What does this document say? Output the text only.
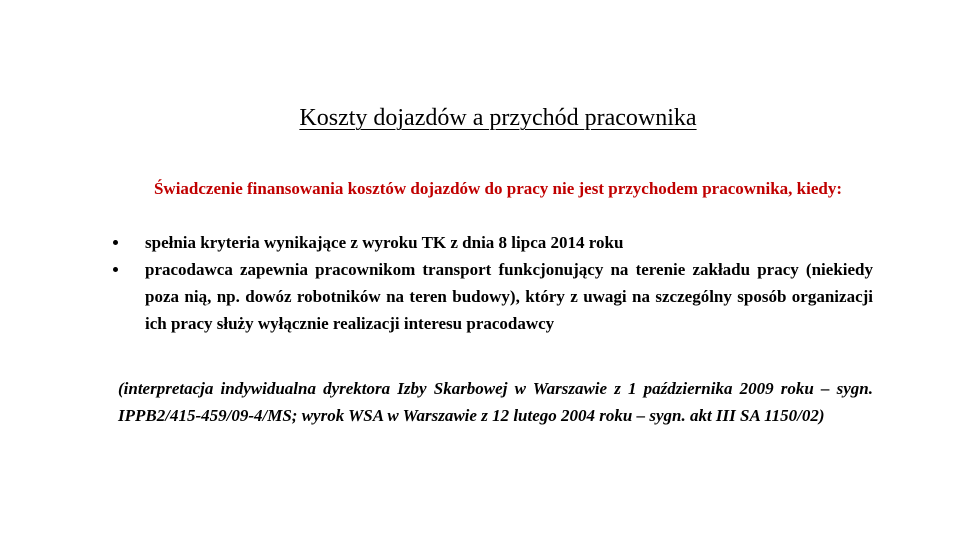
Koszty dojazdów a przychód pracownika
Świadczenie finansowania kosztów dojazdów do pracy nie jest przychodem pracownika, kiedy:
spełnia kryteria wynikające z wyroku TK z dnia 8 lipca 2014 roku
pracodawca zapewnia pracownikom transport funkcjonujący na terenie zakładu pracy (niekiedy poza nią, np. dowóz robotników na teren budowy), który z uwagi na szczególny sposób organizacji ich pracy służy wyłącznie realizacji interesu pracodawcy

(interpretacja indywidualna dyrektora Izby Skarbowej w Warszawie z 1 października 2009 roku – sygn. IPPB2/415-459/09-4/MS; wyrok WSA w Warszawie z 12 lutego 2004 roku – sygn. akt III SA 1150/02)
